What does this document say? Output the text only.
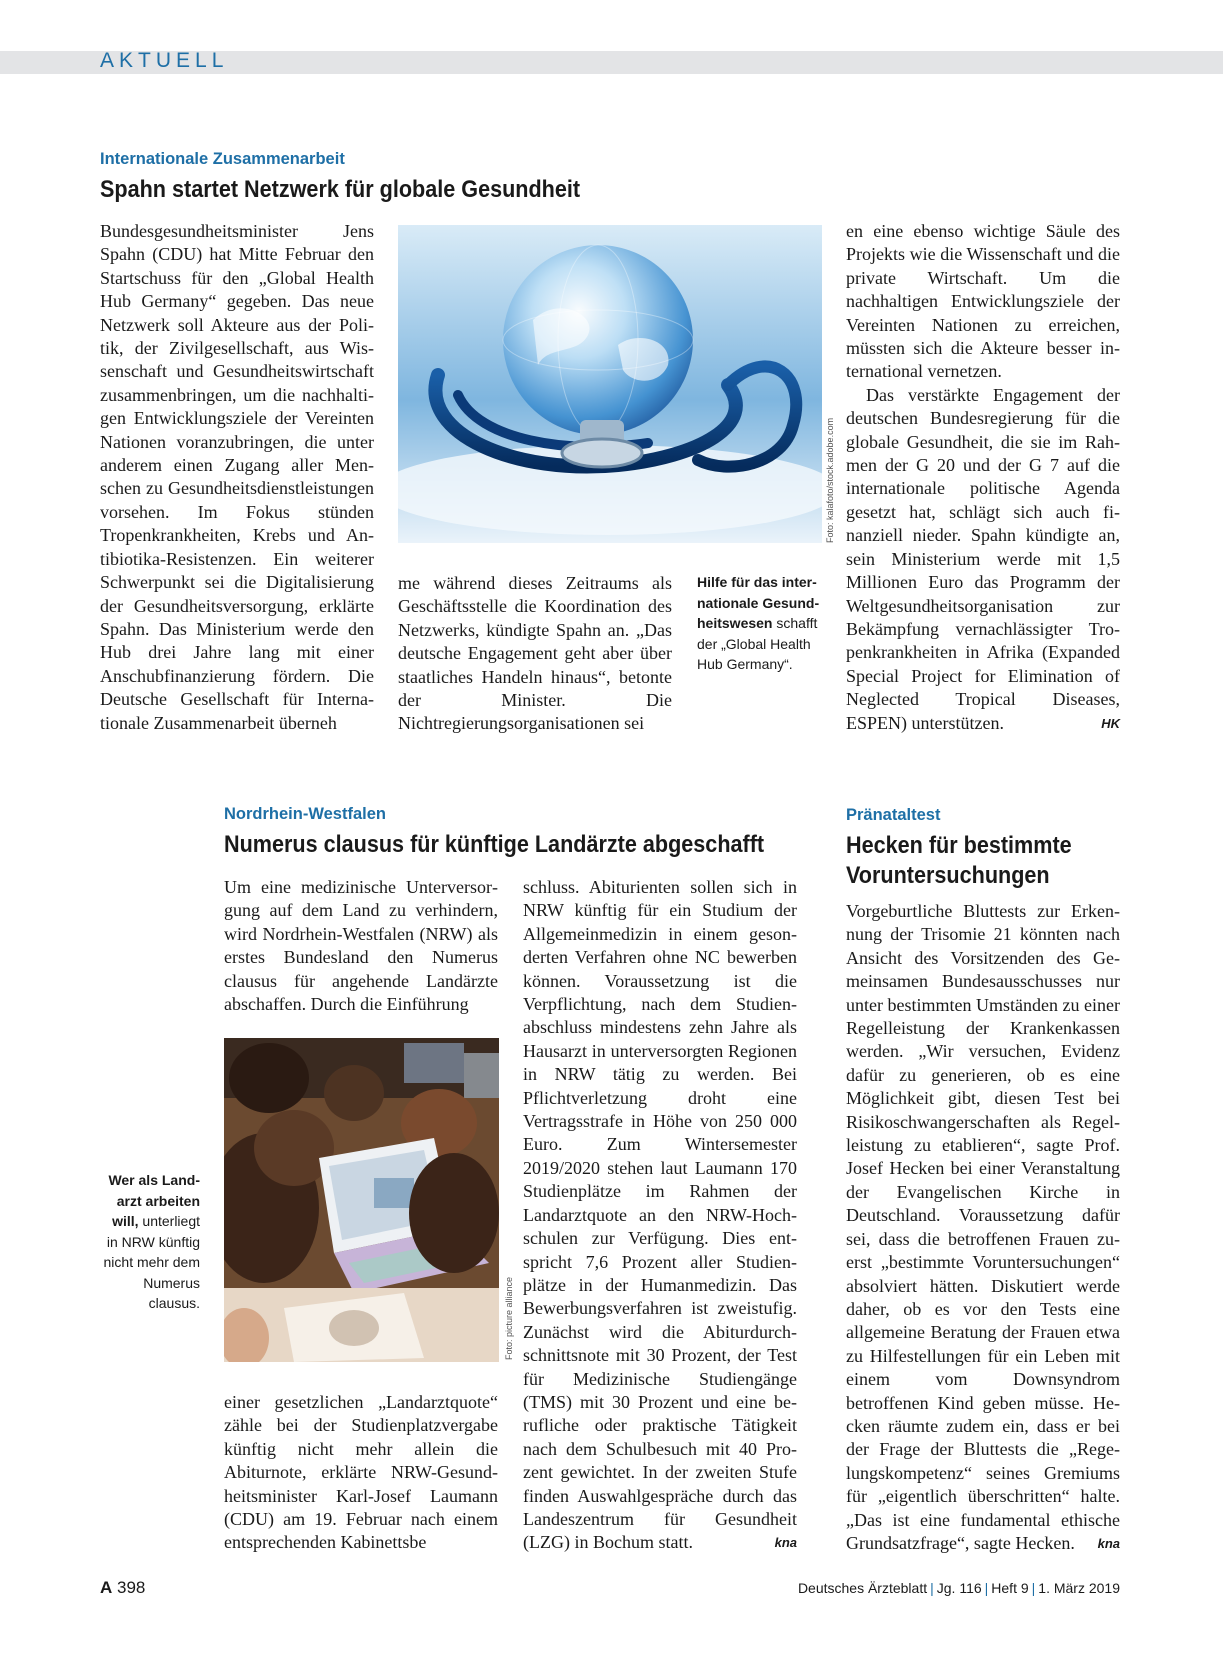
AKTUELL
Internationale Zusammenarbeit
Spahn startet Netzwerk für globale Gesundheit

Bundesgesundheitsminister Jens Spahn (CDU) hat Mitte Februar den Startschuss für den „Global Health Hub Germany“ gegeben. Das neue Netzwerk soll Akteure aus der Politik, der Zivilgesellschaft, aus Wissenschaft und Gesundheitswirtschaft zusammenbringen, um die nachhaltigen Entwicklungsziele der Vereinten Nationen voranzubringen, die unter anderem einen Zugang aller Menschen zu Gesundheitsdienstleistungen vorsehen. Im Fokus stünden Tropenkrankheiten, Krebs und Antibiotika-Resistenzen. Ein weiterer Schwerpunkt sei die Digitalisierung der Gesundheitsversorgung, erklärte Spahn. Das Ministerium werde den Hub drei Jahre lang mit einer Anschubfinanzierung fördern. Die Deutsche Gesellschaft für Internationale Zusammenarbeit überneh

Foto: kalafoto/stock.adobe.com

me während dieses Zeitraums als Geschäftsstelle die Koordination des Netzwerks, kündigte Spahn an. „Das deutsche Engagement geht aber über staatliches Handeln hinaus“, betonte der Minister. Die Nichtregierungsorganisationen sei

Hilfe für das internationale Gesundheitswesen schafft der „Global Health Hub Germany“.

en eine ebenso wichtige Säule des Projekts wie die Wissenschaft und die private Wirtschaft. Um die nachhaltigen Entwicklungsziele der Vereinten Nationen zu erreichen, müssten sich die Akteure besser international vernetzen.

Das verstärkte Engagement der deutschen Bundesregierung für die globale Gesundheit, die sie im Rahmen der G 20 und der G 7 auf die internationale politische Agenda gesetzt hat, schlägt sich auch finanziell nieder. Spahn kündigte an, sein Ministerium werde mit 1,5 Millionen Euro das Programm der Weltgesundheitsorganisation zur Bekämpfung vernachlässigter Tropenkrankheiten in Afrika (Expanded Special Project for Elimination of Neglected Tropical Diseases, ESPEN) unterstützen.	HK

Nordrhein-Westfalen
Numerus clausus für künftige Landärzte abgeschafft

Um eine medizinische Unterversorgung auf dem Land zu verhindern, wird Nordrhein-Westfalen (NRW) als erstes Bundesland den Numerus clausus für angehende Landärzte abschaffen. Durch die Einführung

Foto: picture alliance
Wer als Landarzt arbeiten will, unterliegt in NRW künftig nicht mehr dem Numerus clausus.

einer gesetzlichen „Landarztquote“ zähle bei der Studienplatzvergabe künftig nicht mehr allein die Abiturnote, erklärte NRW-Gesundheitsminister Karl-Josef Laumann (CDU) am 19. Februar nach einem entsprechenden Kabinettsbe

schluss. Abiturienten sollen sich in NRW künftig für ein Studium der Allgemeinmedizin in einem gesonderten Verfahren ohne NC bewerben können. Voraussetzung ist die Verpflichtung, nach dem Studienabschluss mindestens zehn Jahre als Hausarzt in unterversorgten Regionen in NRW tätig zu werden. Bei Pflichtverletzung droht eine Vertragsstrafe in Höhe von 250 000 Euro. Zum Wintersemester 2019/2020 stehen laut Laumann 170 Studienplätze im Rahmen der Landarztquote an den NRW-Hochschulen zur Verfügung. Dies entspricht 7,6 Prozent aller Studienplätze in der Humanmedizin. Das Bewerbungsverfahren ist zweistufig. Zunächst wird die Abiturdurchschnittsnote mit 30 Prozent, der Test für Medizinische Studiengänge (TMS) mit 30 Prozent und eine berufliche oder praktische Tätigkeit nach dem Schulbesuch mit 40 Prozent gewichtet. In der zweiten Stufe finden Auswahlgespräche durch das Landeszentrum für Gesundheit (LZG) in Bochum statt.	kna

Pränataltest
Hecken für bestimmte
Voruntersuchungen

Vorgeburtliche Bluttests zur Erkennung der Trisomie 21 könnten nach Ansicht des Vorsitzenden des Gemeinsamen Bundesausschusses nur unter bestimmten Umständen zu einer Regelleistung der Krankenkassen werden. „Wir versuchen, Evidenz dafür zu generieren, ob es eine Möglichkeit gibt, diesen Test bei Risikoschwangerschaften als Regelleistung zu etablieren“, sagte Prof. Josef Hecken bei einer Veranstaltung der Evangelischen Kirche in Deutschland. Voraussetzung dafür sei, dass die betroffenen Frauen zuerst „bestimmte Voruntersuchungen“ absolviert hätten. Diskutiert werde daher, ob es vor den Tests eine allgemeine Beratung der Frauen etwa zu Hilfestellungen für ein Leben mit einem vom Downsyndrom betroffenen Kind geben müsse. Hecken räumte zudem ein, dass er bei der Frage der Bluttests die „Regelungskompetenz“ seines Gremiums für „eigentlich überschritten“ halte. „Das ist eine fundamental ethische Grundsatzfrage“, sagte Hecken. kna

A 398	Deutsches Ärzteblatt | Jg. 116 | Heft 9 | 1. März 2019
